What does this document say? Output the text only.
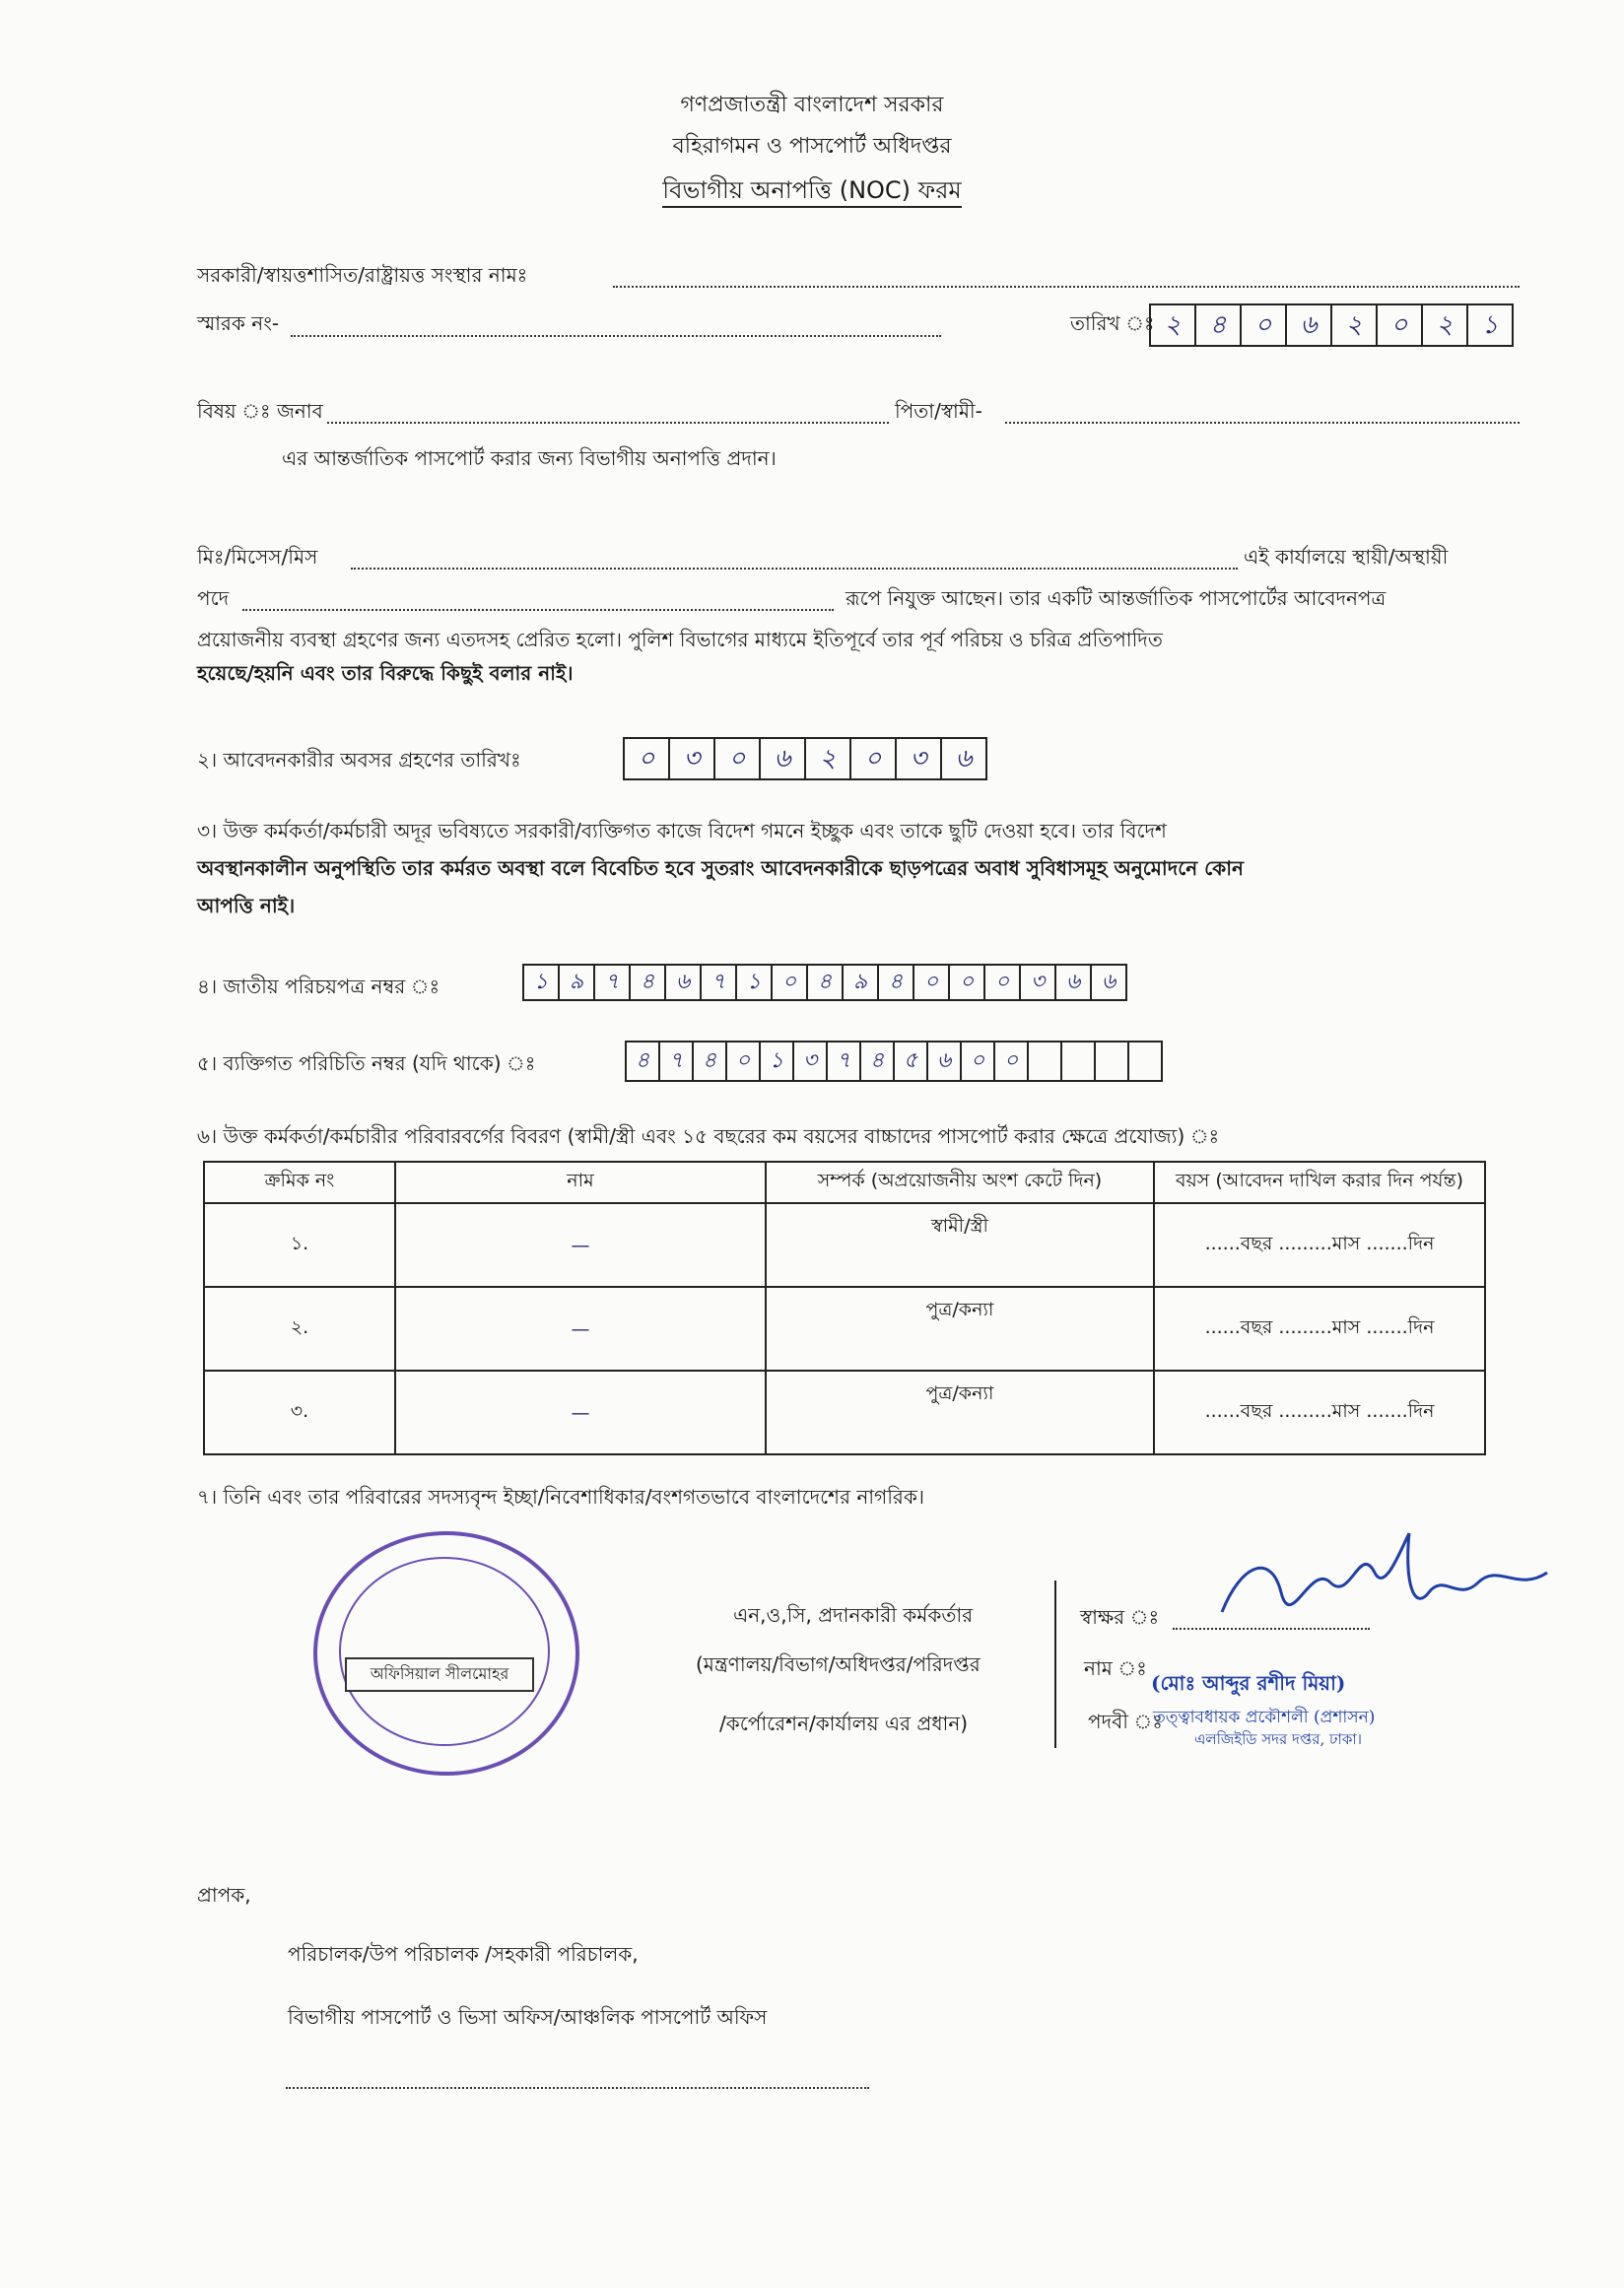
গণপ্রজাতন্ত্রী বাংলাদেশ সরকার
বহিরাগমন ও পাসপোর্ট অধিদপ্তর
বিভাগীয় অনাপত্তি (NOC) ফরম
সরকারী/স্বায়ত্তশাসিত/রাষ্ট্রায়ত্ত সংস্থার নামঃ
স্মারক নং-	তারিখ ঃ ২	৪	০	৬	২	০	২	১
বিষয় ঃ জনাব	পিতা/স্বামী-
এর আন্তর্জাতিক পাসপোর্ট করার জন্য বিভাগীয় অনাপত্তি প্রদান।
মিঃ/মিসেস/মিস	এই কার্যালয়ে স্থায়ী/অস্থায়ী
পদে	রূপে নিযুক্ত আছেন। তার একটি আন্তর্জাতিক পাসপোর্টের আবেদনপত্র
প্রয়োজনীয় ব্যবস্থা গ্রহণের জন্য এতদসহ প্রেরিত হলো। পুলিশ বিভাগের মাধ্যমে ইতিপূর্বে তার পূর্ব পরিচয় ও চরিত্র প্রতিপাদিত
হয়েছে/হয়নি এবং তার বিরুদ্ধে কিছুই বলার নাই।
২। আবেদনকারীর অবসর গ্রহণের তারিখঃ	০	৩	০	৬	২	০	৩	৬
৩। উক্ত কর্মকর্তা/কর্মচারী অদূর ভবিষ্যতে সরকারী/ব্যক্তিগত কাজে বিদেশ গমনে ইচ্ছুক এবং তাকে ছুটি দেওয়া হবে। তার বিদেশ
অবস্থানকালীন অনুপস্থিতি তার কর্মরত অবস্থা বলে বিবেচিত হবে সুতরাং আবেদনকারীকে ছাড়পত্রের অবাধ সুবিধাসমূহ অনুমোদনে কোন
আপত্তি নাই।
৪। জাতীয় পরিচয়পত্র নম্বর ঃ	১ ৯ ৭ ৪ ৬ ৭ ১ ০ ৪ ৯ ৪ ০ ০ ০ ৩ ৬ ৬
৫। ব্যক্তিগত পরিচিতি নম্বর (যদি থাকে) ঃ	৪ ৭ ৪ ০ ১ ৩ ৭ ৪ ৫ ৬ ০ ০
৬। উক্ত কর্মকর্তা/কর্মচারীর পরিবারবর্গের বিবরণ (স্বামী/স্ত্রী এবং ১৫ বছরের কম বয়সের বাচ্চাদের পাসপোর্ট করার ক্ষেত্রে প্রযোজ্য) ঃ
ক্রমিক নং	নাম	সম্পর্ক (অপ্রয়োজনীয় অংশ কেটে দিন)	বয়স (আবেদন দাখিল করার দিন পর্যন্ত)
১.	—	স্বামী/স্ত্রী	......বছর .........মাস .......দিন
২.	—	পুত্র/কন্যা	......বছর .........মাস .......দিন
৩.	—	পুত্র/কন্যা	......বছর .........মাস .......দিন
৭। তিনি এবং তার পরিবারের সদস্যবৃন্দ ইচ্ছা/নিবেশাধিকার/বংশগতভাবে বাংলাদেশের নাগরিক।
অফিসিয়াল সীলমোহর
এন,ও,সি, প্রদানকারী কর্মকর্তার
(মন্ত্রণালয়/বিভাগ/অধিদপ্তর/পরিদপ্তর
/কর্পোরেশন/কার্যালয় এর প্রধান)
স্বাক্ষর ঃ
নাম ঃ
(মোঃ আব্দুর রশীদ মিয়া)
পদবী ঃ
তত্ত্বাবধায়ক প্রকৌশলী (প্রশাসন)
এলজিইডি সদর দপ্তর, ঢাকা।
প্রাপক,
পরিচালক/উপ পরিচালক /সহকারী পরিচালক,
বিভাগীয় পাসপোর্ট ও ভিসা অফিস/আঞ্চলিক পাসপোর্ট অফিস
